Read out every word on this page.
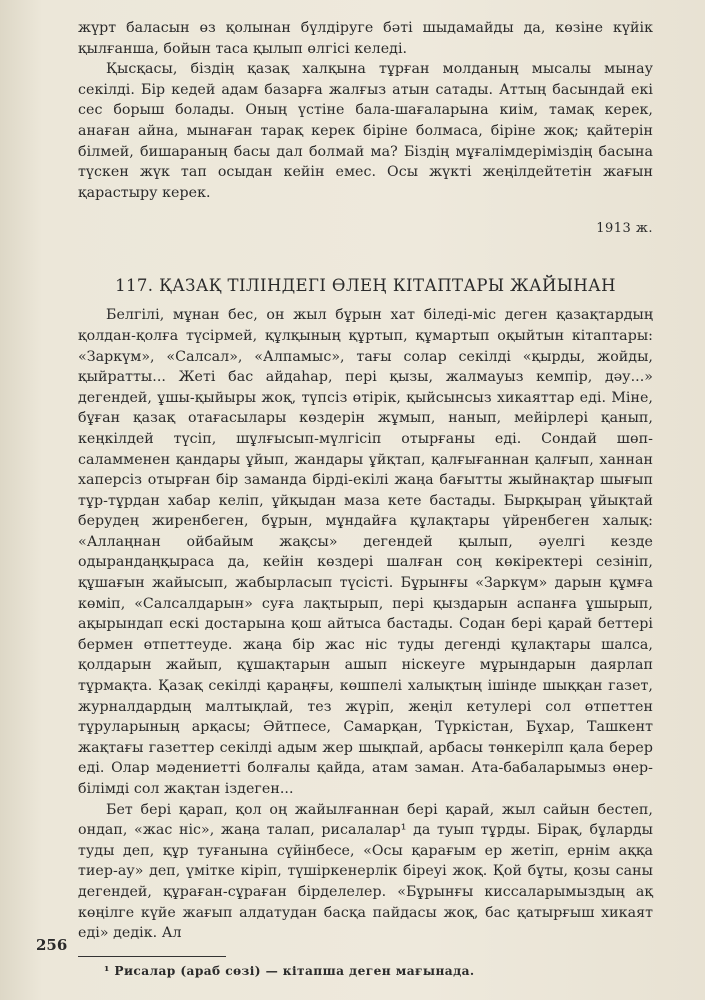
жүрт баласын өз қолынан бүлдіруге бәті шыдамайды да, көзіне күйік қылғанша, бойын таса қылып өлгісі келеді.

Қысқасы, біздің қазақ халқына тұрған молданың мысалы мынау секілді. Бір кедей адам базарға жалғыз атын сатады. Аттың басындай екі сес борыш болады. Оның үстіне бала-шағаларына киім, тамақ керек, анаған айна, мынаған тарақ керек біріне болмаса, біріне жоқ; қайтерін білмей, бишараның басы дал болмай ма? Біздің мұғалімдеріміздің басына түскен жүк тап осыдан кейін емес. Осы жүкті жеңілдейтетін жағын қарастыру керек.

1913 ж.

117. ҚАЗАҚ ТІЛІНДЕГІ ӨЛЕҢ КІТАПТАРЫ ЖАЙЫНАН

Белгілі, мұнан бес, он жыл бұрын хат біледі-міс деген қазақтардың қолдан-қолға түсірмей, құлқының құртып, құмартып оқыйтын кітаптары: «Заркүм», «Салсал», «Алпамыс», тағы солар секілді «қырды, жойды, қыйратты... Жеті бас айдаһар, пері қызы, жалмауыз кемпір, дәу...» дегендей, ұшы-қыйыры жоқ, түпсіз өтірік, қыйсынсыз хикаяттар еді. Міне, бұған қазақ отағасылары көздерін жұмып, нанып, мейірлері қанып, кеңкілдей түсіп, шұлғысып-мүлгісіп отырғаны еді. Сондай шөп-саламменен қандары ұйып, жандары ұйқтап, қалғығаннан қалғып, ханнан хаперсіз отырған бір заманда бірді-екілі жаңа бағытты жыйнақтар шығып тұр-тұрдан хабар келіп, ұйқыдан маза кете бастады. Бырқыраң ұйықтай берудең жиренбеген, бұрын, мұндайға құлақтары үйренбеген халық: «Аллаңнан ойбайым жақсы» дегендей қылып, әуелгі кезде одырандаңқыраса да, кейін көздері шалған соң көкіректері сезініп, құшағын жайысып, жабырласып түсісті. Бұрынғы «Заркүм» дарын құмға көміп, «Салсалдарын» суға лақтырып, пері қыздарын аспанға ұшырып, ақырындап ескі достарына қош айтыса бастады. Содан бері қарай беттері бермен өтпеттеуде. жаңа бір жас ніс туды дегенді құлақтары шалса, қолдарын жайып, құшақтарын ашып ніскеуге мұрындарын даярлап тұрмақта. Қазақ секілді қараңғы, көшпелі халықтың ішінде шыққан газет, журналдардың малтықлай, тез жүріп, жеңіл кетулері сол өтпеттен тұруларының арқасы; Әйтпесе, Самарқан, Түркістан, Бұхар, Ташкент жақтағы газеттер секілді адым жер шықпай, арбасы төнкерілп қала берер еді. Олар мәдениетті болғалы қайда, атам заман. Ата-бабаларымыз өнер-білімді сол жақтан іздеген...

Бет бері қарап, қол оң жайылғаннан бері қарай, жыл сайын бестеп, ондап, «жас ніс», жаңа талап, рисалалар¹ да туып тұрды. Бірақ, бұларды туды деп, құр туғанына сүйінбесе, «Осы қарағым ер жетіп, ернім аққа тиер-ау» деп, үмітке кіріп, түшіркенерлік біреуі жоқ. Қой бұты, қозы саны дегендей, құраған-сұраған бірделелер. «Бұрынғы киссаларымыздың ақ көңілге күйе жағып алдатудан басқа пайдасы жоқ, бас қатырғыш хикаят еді» дедік. Ал

¹ Рисалар (араб сөзі) — кітапша деген мағынада.

256
